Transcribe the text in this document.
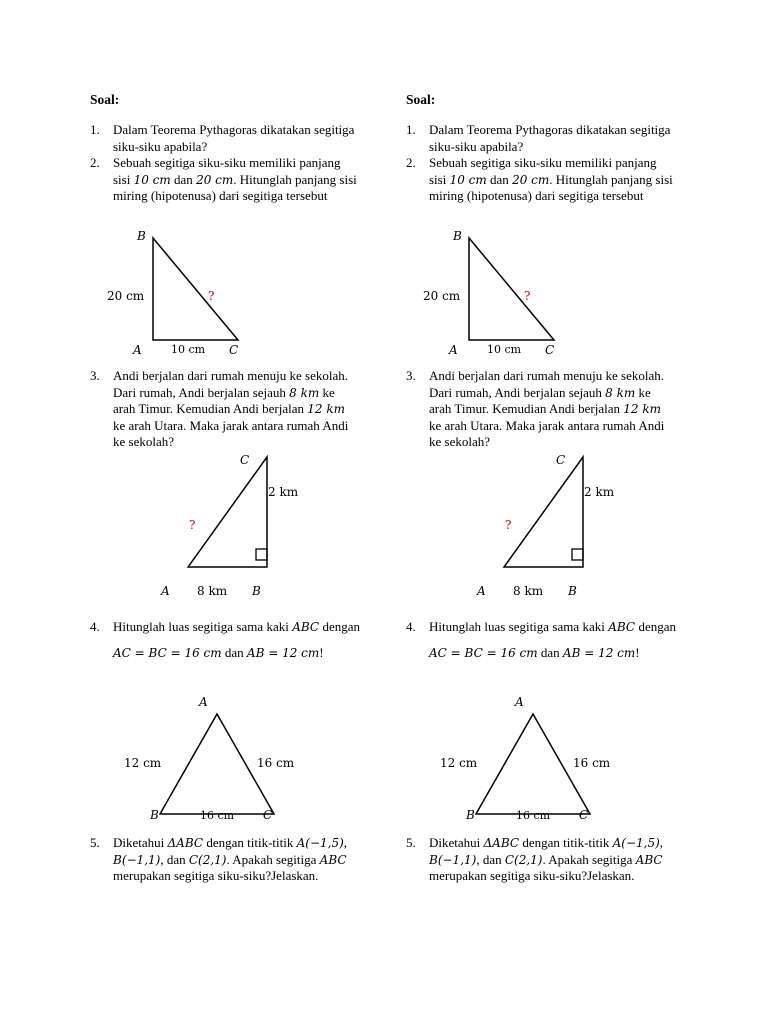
Soal:
1. Dalam Teorema Pythagoras dikatakan segitiga siku-siku apabila?
2. Sebuah segitiga siku-siku memiliki panjang sisi 10 cm dan 20 cm. Hitunglah panjang sisi miring (hipotenusa) dari segitiga tersebut
B
A	C
20 cm
10 cm
?
3. Andi berjalan dari rumah menuju ke sekolah. Dari rumah, Andi berjalan sejauh 8 km ke arah Timur. Kemudian Andi berjalan 12 km ke arah Utara. Maka jarak antara rumah Andi ke sekolah?
C
A	B
2 km
8 km
?
4. Hitunglah luas segitiga sama kaki ABC dengan AC = BC = 16 cm dan AB = 12 cm!
A
B	C
12 cm	16 cm
16 cm
5. Diketahui ΔABC dengan titik-titik A(−1,5), B(−1,1), dan C(2,1). Apakah segitiga ABC merupakan segitiga siku-siku?Jelaskan.
Soal:
1. Dalam Teorema Pythagoras dikatakan segitiga siku-siku apabila?
2. Sebuah segitiga siku-siku memiliki panjang sisi 10 cm dan 20 cm. Hitunglah panjang sisi miring (hipotenusa) dari segitiga tersebut
B
A	C
20 cm
10 cm
?
3. Andi berjalan dari rumah menuju ke sekolah. Dari rumah, Andi berjalan sejauh 8 km ke arah Timur. Kemudian Andi berjalan 12 km ke arah Utara. Maka jarak antara rumah Andi ke sekolah?
C
A	B
2 km
8 km
?
4. Hitunglah luas segitiga sama kaki ABC dengan AC = BC = 16 cm dan AB = 12 cm!
A
B	C
12 cm	16 cm
16 cm
5. Diketahui ΔABC dengan titik-titik A(−1,5), B(−1,1), dan C(2,1). Apakah segitiga ABC merupakan segitiga siku-siku?Jelaskan.
